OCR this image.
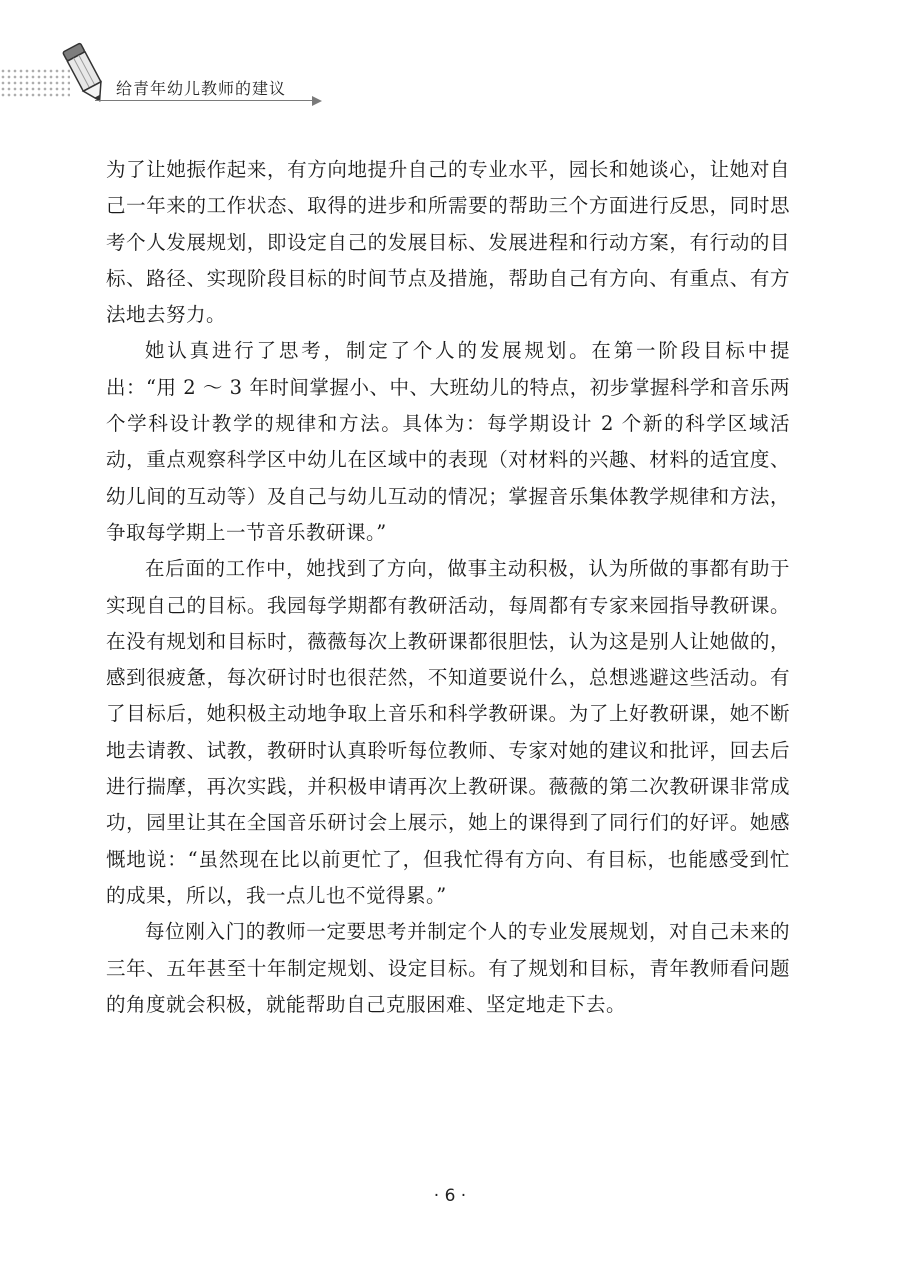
给青年幼儿教师的建议

为了让她振作起来，有方向地提升自己的专业水平，园长和她谈心，让她对自己一年来的工作状态、取得的进步和所需要的帮助三个方面进行反思，同时思考个人发展规划，即设定自己的发展目标、发展进程和行动方案，有行动的目标、路径、实现阶段目标的时间节点及措施，帮助自己有方向、有重点、有方法地去努力。

她认真进行了思考，制定了个人的发展规划。在第一阶段目标中提出：“用 2 ～ 3 年时间掌握小、中、大班幼儿的特点，初步掌握科学和音乐两个学科设计教学的规律和方法。具体为：每学期设计 2 个新的科学区域活动，重点观察科学区中幼儿在区域中的表现（对材料的兴趣、材料的适宜度、幼儿间的互动等）及自己与幼儿互动的情况；掌握音乐集体教学规律和方法，争取每学期上一节音乐教研课。”

在后面的工作中，她找到了方向，做事主动积极，认为所做的事都有助于实现自己的目标。我园每学期都有教研活动，每周都有专家来园指导教研课。在没有规划和目标时，薇薇每次上教研课都很胆怯，认为这是别人让她做的，感到很疲惫，每次研讨时也很茫然，不知道要说什么，总想逃避这些活动。有了目标后，她积极主动地争取上音乐和科学教研课。为了上好教研课，她不断地去请教、试教，教研时认真聆听每位教师、专家对她的建议和批评，回去后进行揣摩，再次实践，并积极申请再次上教研课。薇薇的第二次教研课非常成功，园里让其在全国音乐研讨会上展示，她上的课得到了同行们的好评。她感慨地说：“虽然现在比以前更忙了，但我忙得有方向、有目标，也能感受到忙的成果，所以，我一点儿也不觉得累。”

每位刚入门的教师一定要思考并制定个人的专业发展规划，对自己未来的三年、五年甚至十年制定规划、设定目标。有了规划和目标，青年教师看问题的角度就会积极，就能帮助自己克服困难、坚定地走下去。

· 6 ·
